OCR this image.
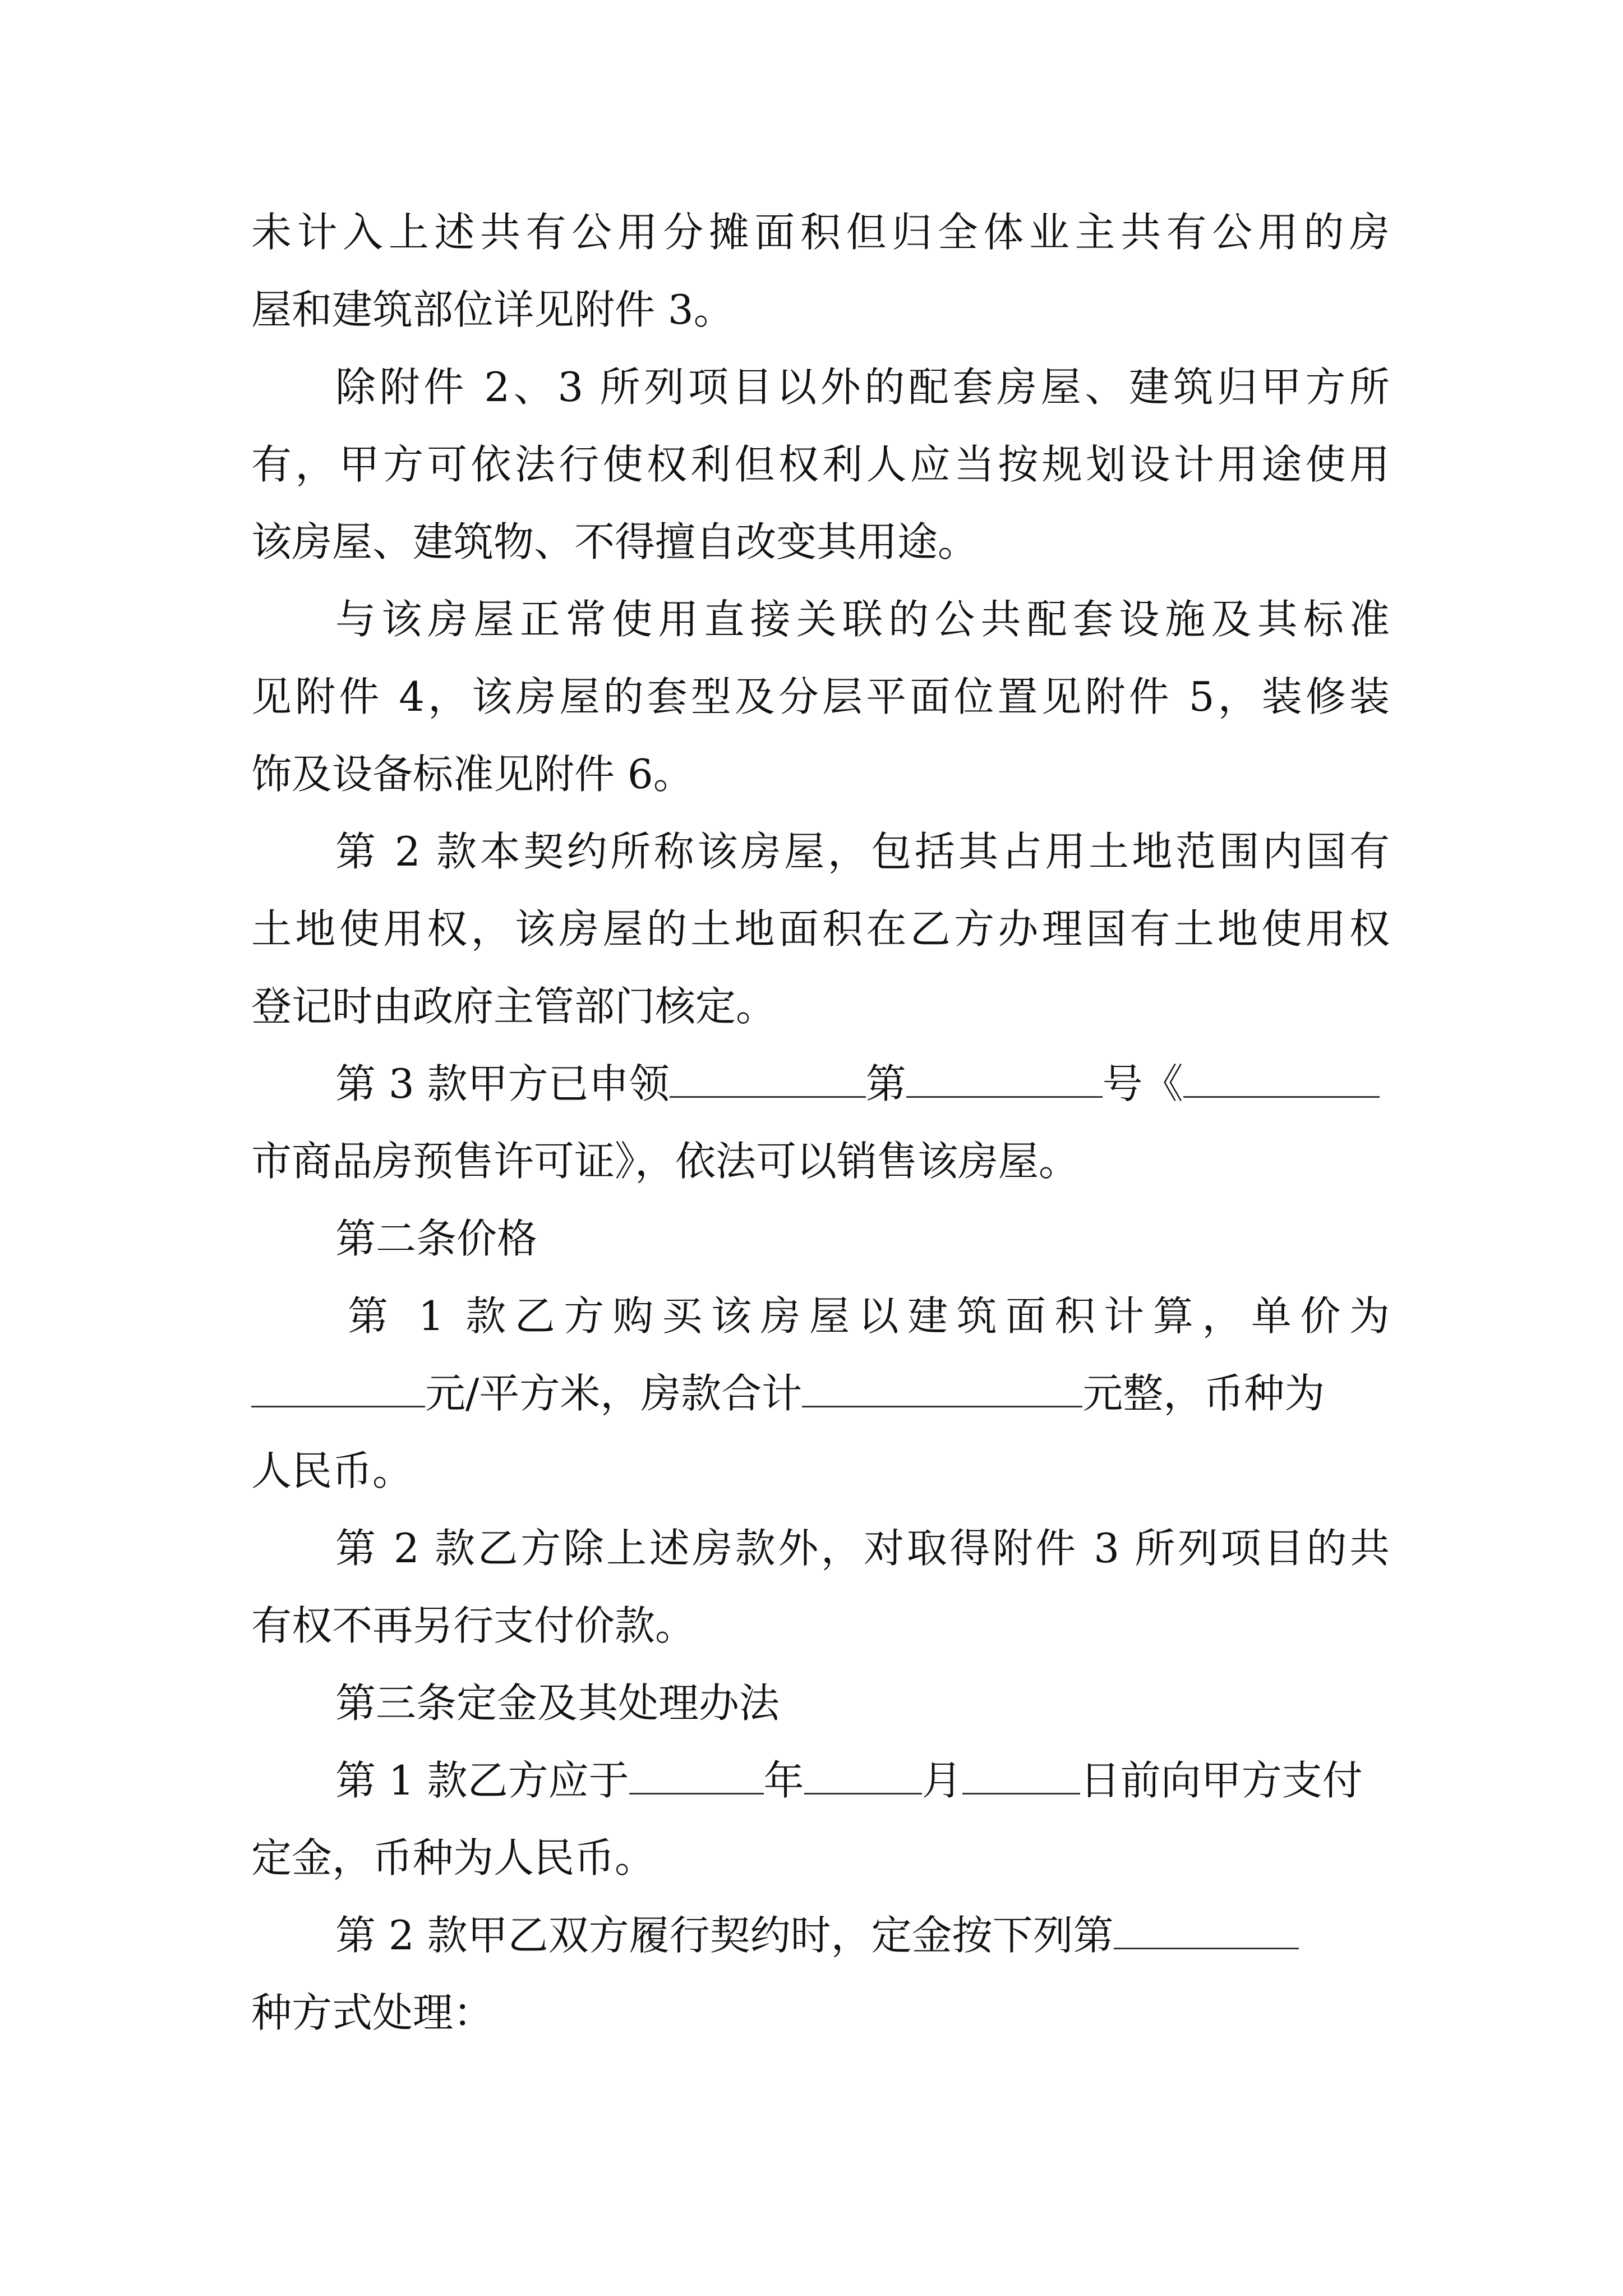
未计入上述共有公用分摊面积但归全体业主共有公用的房
屋和建筑部位详见附件 3。
除附件 2、3 所列项目以外的配套房屋、建筑归甲方所
有，甲方可依法行使权利但权利人应当按规划设计用途使用
该房屋、建筑物、不得擅自改变其用途。
与该房屋正常使用直接关联的公共配套设施及其标准
见附件 4，该房屋的套型及分层平面位置见附件 5，装修装
饰及设备标准见附件 6。
第 2 款本契约所称该房屋，包括其占用土地范围内国有
土地使用权，该房屋的土地面积在乙方办理国有土地使用权
登记时由政府主管部门核定。
第 3 款甲方已申领	第	号《
市商品房预售许可证》，依法可以销售该房屋。
第二条价格
第 1 款乙方购买该房屋以建筑面积计算，单价为
元/平方米，房款合计	元整，币种为
人民币。
第 2 款乙方除上述房款外，对取得附件 3 所列项目的共
有权不再另行支付价款。
第三条定金及其处理办法
第 1 款乙方应于	年	月	日前向甲方支付
定金，币种为人民币。
第 2 款甲乙双方履行契约时，定金按下列第
种方式处理：
